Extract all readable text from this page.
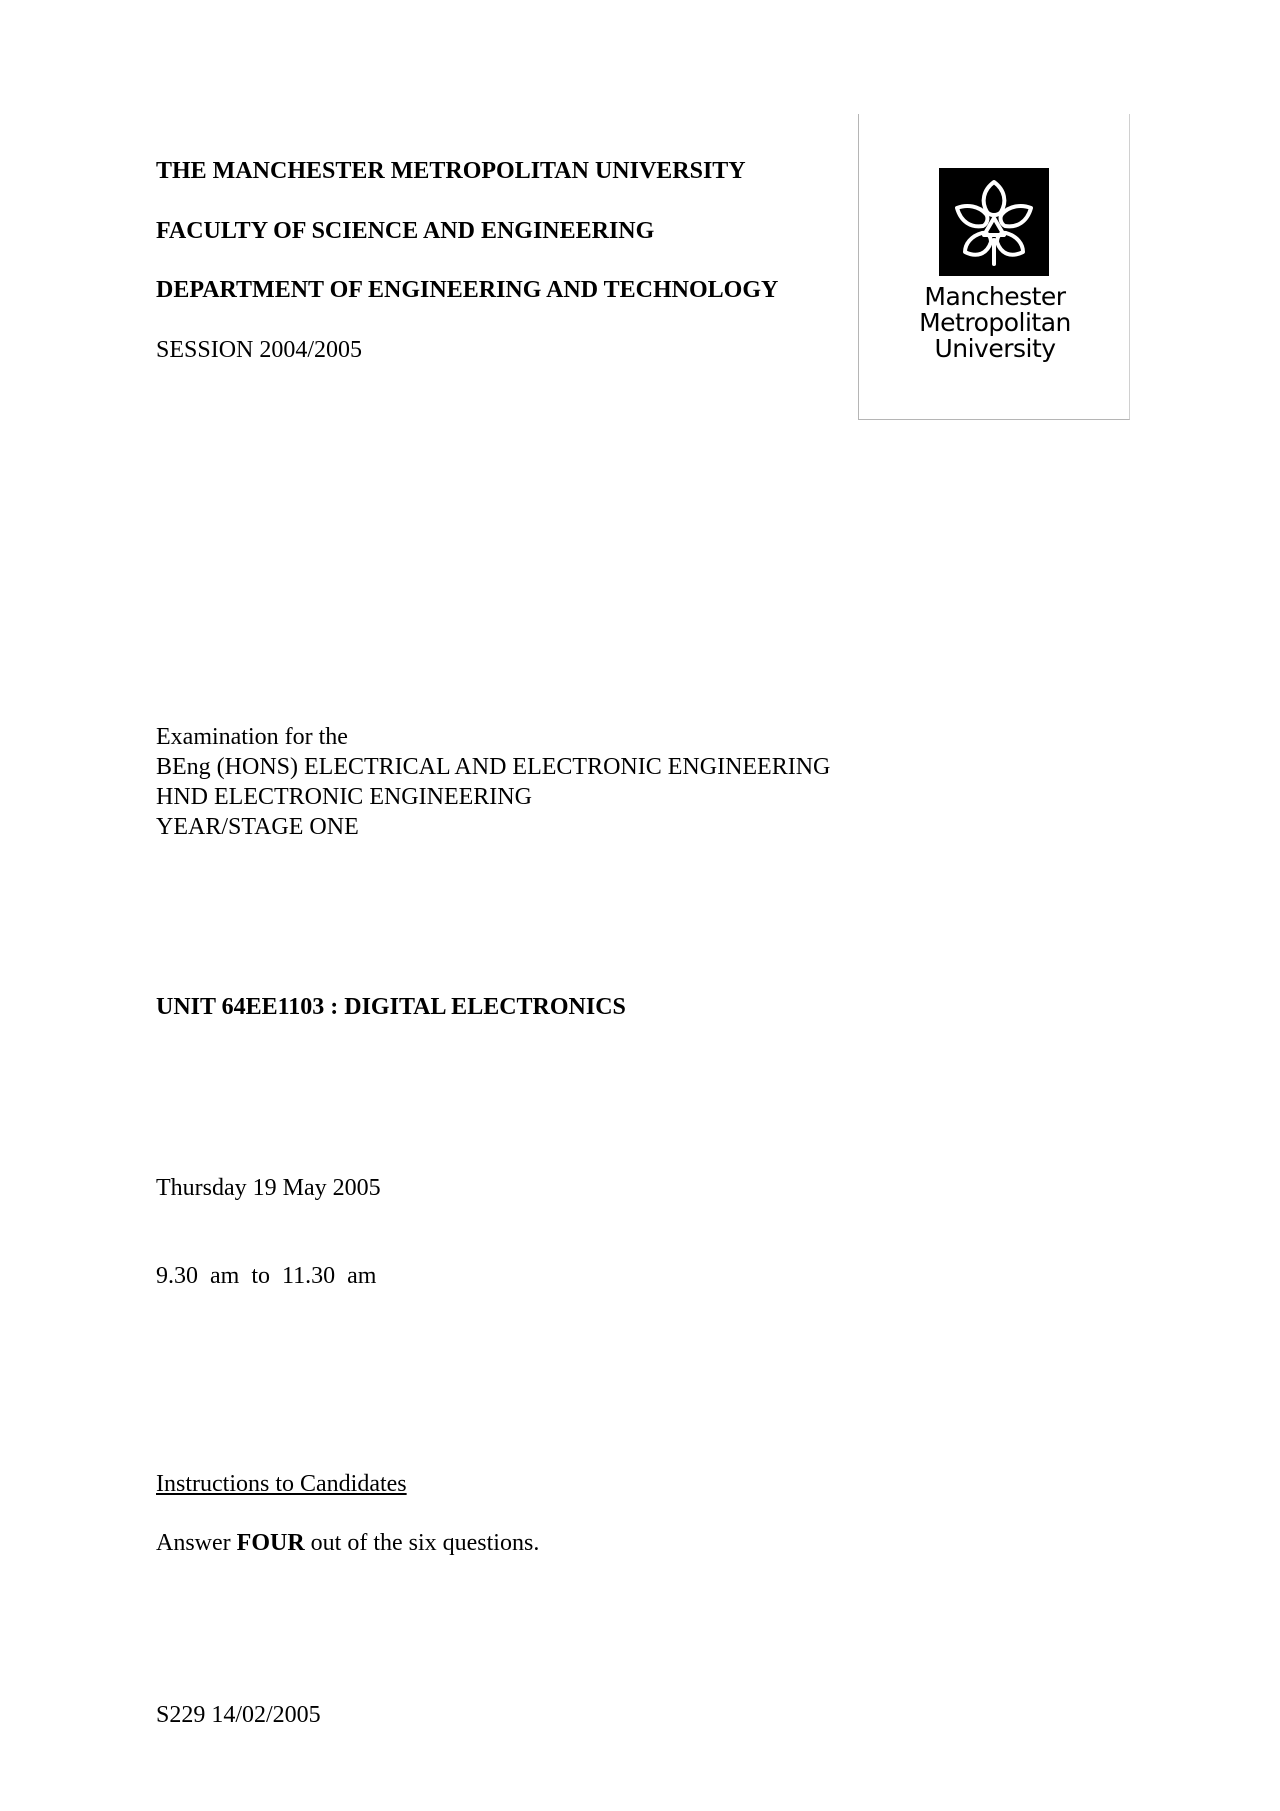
THE MANCHESTER METROPOLITAN UNIVERSITY
FACULTY OF SCIENCE AND ENGINEERING
DEPARTMENT OF ENGINEERING AND TECHNOLOGY
SESSION 2004/2005
Manchester
Metropolitan
University
Examination for the
BEng (HONS) ELECTRICAL AND ELECTRONIC ENGINEERING
HND ELECTRONIC ENGINEERING
YEAR/STAGE ONE
UNIT 64EE1103 : DIGITAL ELECTRONICS
Thursday 19 May 2005
9.30 am to 11.30 am
Instructions to Candidates
Answer FOUR out of the six questions.
S229 14/02/2005
